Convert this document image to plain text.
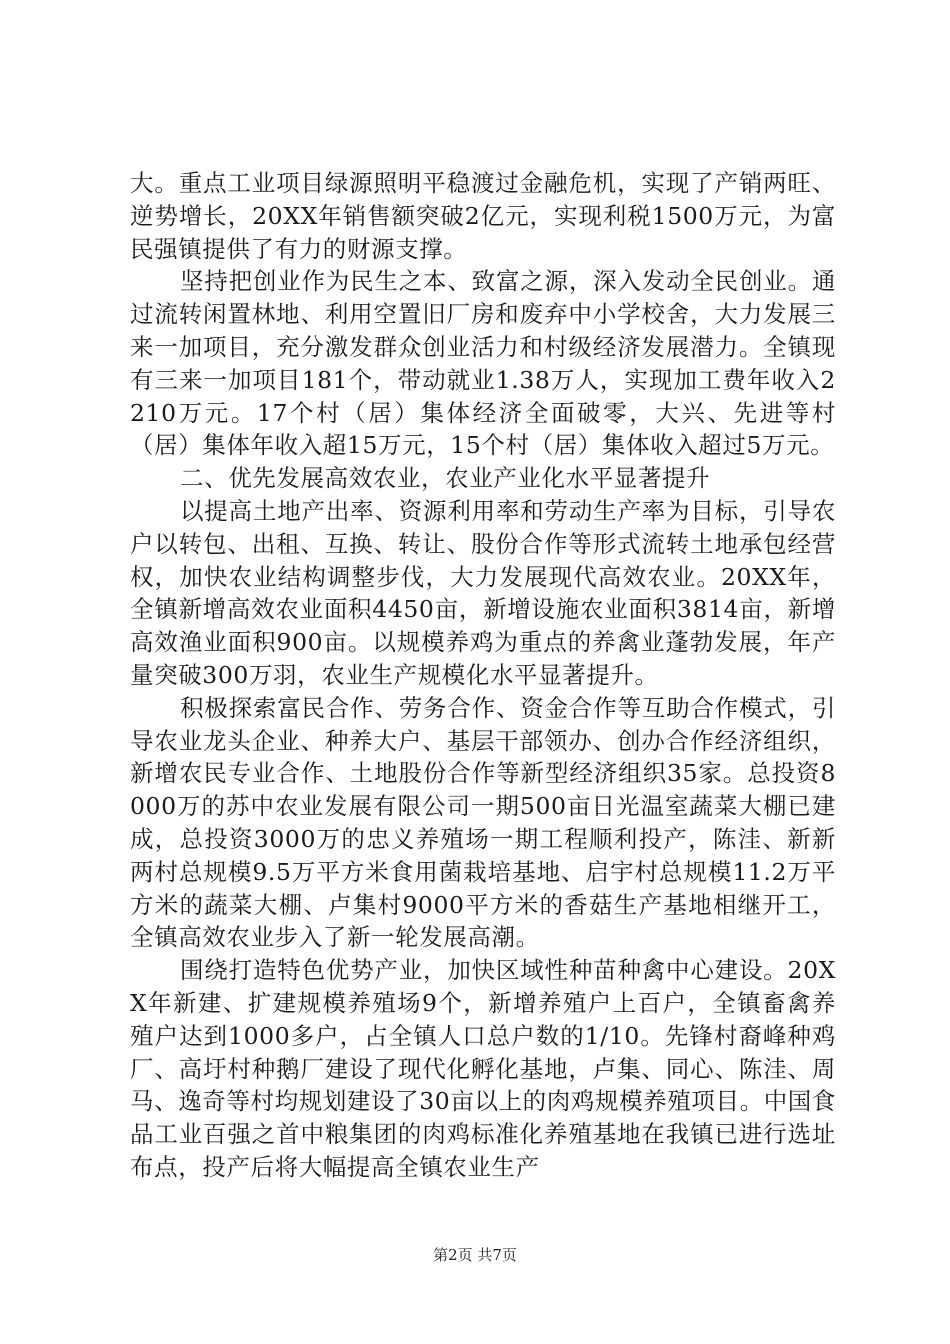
大。重点工业项目绿源照明平稳渡过金融危机，实现了产销两旺、逆势增长，20XX年销售额突破2亿元，实现利税1500万元，为富民强镇提供了有力的财源支撑。

坚持把创业作为民生之本、致富之源，深入发动全民创业。通过流转闲置林地、利用空置旧厂房和废弃中小学校舍，大力发展三来一加项目，充分激发群众创业活力和村级经济发展潜力。全镇现有三来一加项目181个，带动就业1.38万人，实现加工费年收入2210万元。17个村（居）集体经济全面破零，大兴、先进等村（居）集体年收入超15万元，15个村（居）集体收入超过5万元。

二、优先发展高效农业，农业产业化水平显著提升

以提高土地产出率、资源利用率和劳动生产率为目标，引导农户以转包、出租、互换、转让、股份合作等形式流转土地承包经营权，加快农业结构调整步伐，大力发展现代高效农业。20XX年，全镇新增高效农业面积4450亩，新增设施农业面积3814亩，新增高效渔业面积900亩。以规模养鸡为重点的养禽业蓬勃发展，年产量突破300万羽，农业生产规模化水平显著提升。

积极探索富民合作、劳务合作、资金合作等互助合作模式，引导农业龙头企业、种养大户、基层干部领办、创办合作经济组织，新增农民专业合作、土地股份合作等新型经济组织35家。总投资8000万的苏中农业发展有限公司一期500亩日光温室蔬菜大棚已建成，总投资3000万的忠义养殖场一期工程顺利投产，陈洼、新新两村总规模9.5万平方米食用菌栽培基地、启宇村总规模11.2万平方米的蔬菜大棚、卢集村9000平方米的香菇生产基地相继开工，全镇高效农业步入了新一轮发展高潮。

围绕打造特色优势产业，加快区域性种苗种禽中心建设。20XX年新建、扩建规模养殖场9个，新增养殖户上百户，全镇畜禽养殖户达到1000多户，占全镇人口总户数的1/10。先锋村裔峰种鸡厂、高圩村种鹅厂建设了现代化孵化基地，卢集、同心、陈洼、周马、逸奇等村均规划建设了30亩以上的肉鸡规模养殖项目。中国食品工业百强之首中粮集团的肉鸡标准化养殖基地在我镇已进行选址布点，投产后将大幅提高全镇农业生产

第2页 共7页
